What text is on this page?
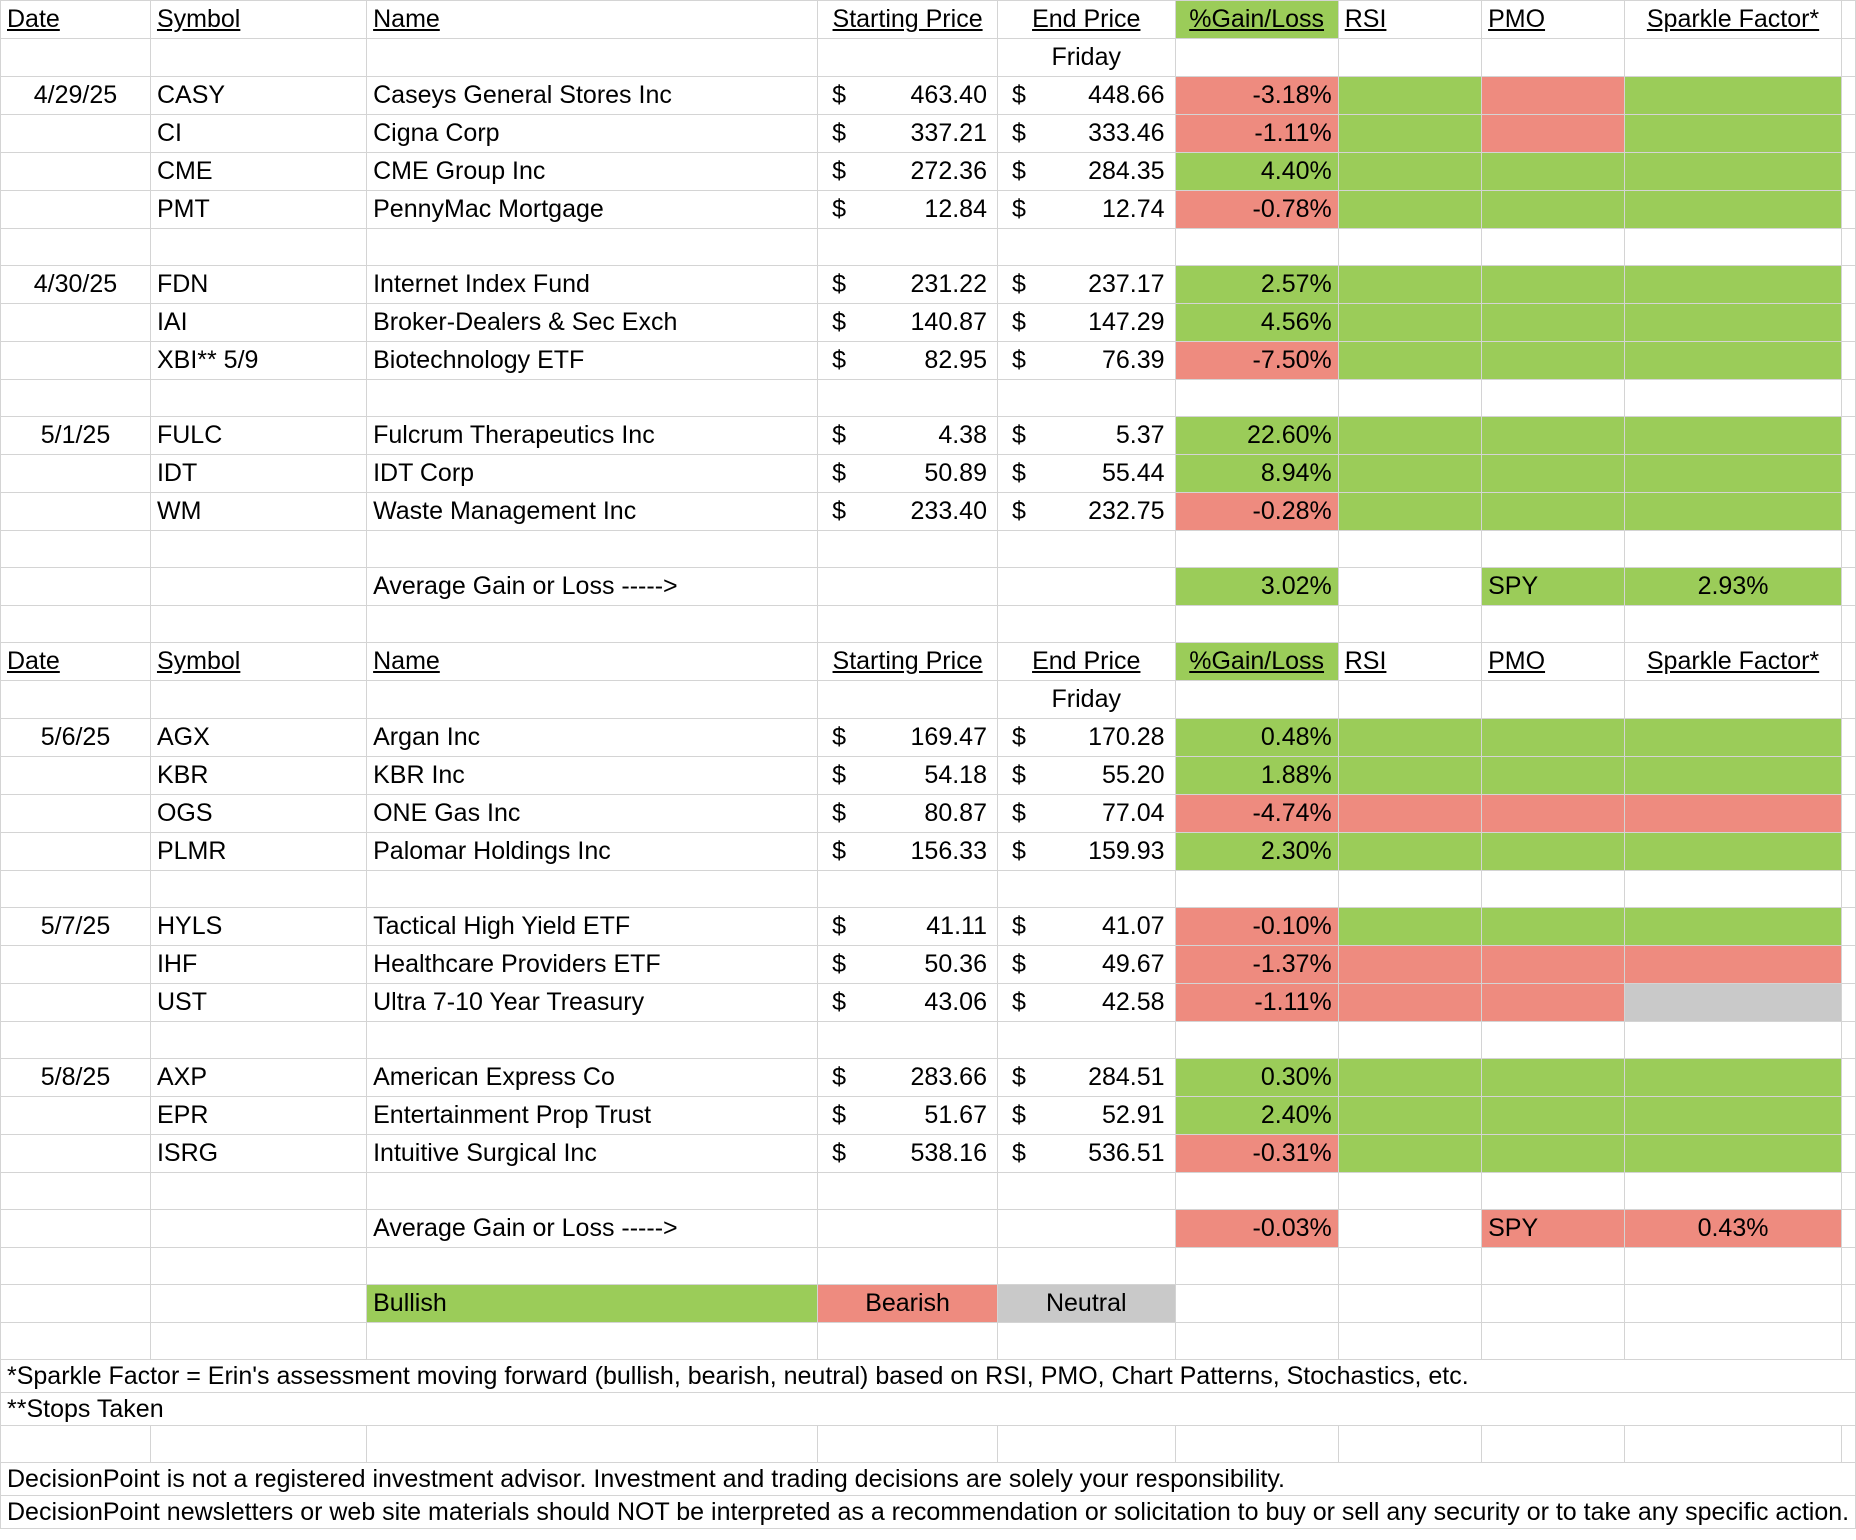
Date	Symbol	Name	Starting Price	End Price	%Gain/Loss	RSI	PMO	Sparkle Factor*	
				Friday					
4/29/25	CASY	Caseys General Stores Inc	$ 463.40	$ 448.66	-3.18%				
	CI	Cigna Corp	$ 337.21	$ 333.46	-1.11%				
	CME	CME Group Inc	$ 272.36	$ 284.35	4.40%				
	PMT	PennyMac Mortgage	$ 12.84	$ 12.74	-0.78%				

4/30/25	FDN	Internet Index Fund	$ 231.22	$ 237.17	2.57%				
	IAI	Broker-Dealers & Sec Exch	$ 140.87	$ 147.29	4.56%				
	XBI** 5/9	Biotechnology ETF	$ 82.95	$ 76.39	-7.50%				

5/1/25	FULC	Fulcrum Therapeutics Inc	$ 4.38	$ 5.37	22.60%				
	IDT	IDT Corp	$ 50.89	$ 55.44	8.94%				
	WM	Waste Management Inc	$ 233.40	$ 232.75	-0.28%				

		Average Gain or Loss ----->			3.02%		SPY	2.93%	

Date	Symbol	Name	Starting Price	End Price	%Gain/Loss	RSI	PMO	Sparkle Factor*	
				Friday					
5/6/25	AGX	Argan Inc	$ 169.47	$ 170.28	0.48%				
	KBR	KBR Inc	$ 54.18	$ 55.20	1.88%				
	OGS	ONE Gas Inc	$ 80.87	$ 77.04	-4.74%				
	PLMR	Palomar Holdings Inc	$ 156.33	$ 159.93	2.30%				

5/7/25	HYLS	Tactical High Yield ETF	$ 41.11	$ 41.07	-0.10%				
	IHF	Healthcare Providers ETF	$ 50.36	$ 49.67	-1.37%				
	UST	Ultra 7-10 Year Treasury	$ 43.06	$ 42.58	-1.11%				

5/8/25	AXP	American Express Co	$ 283.66	$ 284.51	0.30%				
	EPR	Entertainment Prop Trust	$ 51.67	$ 52.91	2.40%				
	ISRG	Intuitive Surgical Inc	$ 538.16	$ 536.51	-0.31%				

		Average Gain or Loss ----->			-0.03%		SPY	0.43%	

		Bullish	Bearish	Neutral					

*Sparkle Factor = Erin's assessment moving forward (bullish, bearish, neutral) based on RSI, PMO, Chart Patterns, Stochastics, etc.									
**Stops Taken									

DecisionPoint is not a registered investment advisor. Investment and trading decisions are solely your responsibility.									
DecisionPoint newsletters or web site materials should NOT be interpreted as a recommendation or solicitation to buy or sell any security or to take any specific action.									
